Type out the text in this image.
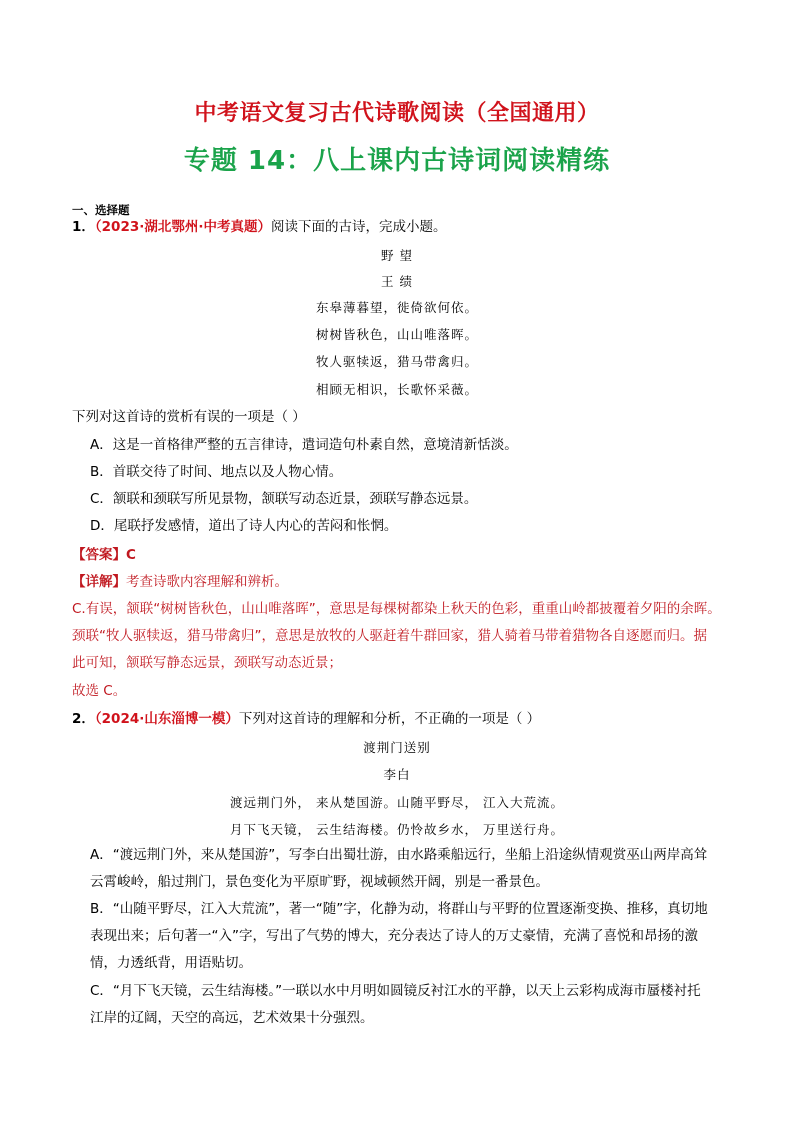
中考语文复习古代诗歌阅读（全国通用）
专题 14：八上课内古诗词阅读精练
一、选择题
1．（2023·湖北鄂州·中考真题）阅读下面的古诗，完成小题。
野 望
王 绩
东皋薄暮望，徙倚欲何依。
树树皆秋色，山山唯落晖。
牧人驱犊返，猎马带禽归。
相顾无相识，长歌怀采薇。
下列对这首诗的赏析有误的一项是（ ）
A．这是一首格律严整的五言律诗，遣词造句朴素自然，意境清新恬淡。
B．首联交待了时间、地点以及人物心情。
C．颔联和颈联写所见景物，颔联写动态近景，颈联写静态远景。
D．尾联抒发感情，道出了诗人内心的苦闷和怅惘。
【答案】C
【详解】考查诗歌内容理解和辨析。
C.有误，颔联“树树皆秋色，山山唯落晖”，意思是每棵树都染上秋天的色彩，重重山岭都披覆着夕阳的余晖。
颈联“牧人驱犊返，猎马带禽归”，意思是放牧的人驱赶着牛群回家，猎人骑着马带着猎物各自逐愿而归。据
此可知，颔联写静态远景，颈联写动态近景；
故选 C。
2．（2024·山东淄博一模）下列对这首诗的理解和分析，不正确的一项是（ ）
渡荆门送别
李白
渡远荆门外， 来从楚国游。山随平野尽， 江入大荒流。
月下飞天镜， 云生结海楼。仍怜故乡水， 万里送行舟。
A．“渡远荆门外，来从楚国游”，写李白出蜀壮游，由水路乘船远行，坐船上沿途纵情观赏巫山两岸高耸
云霄峻岭，船过荆门，景色变化为平原旷野，视域顿然开阔，别是一番景色。
B．“山随平野尽，江入大荒流”，著一“随”字，化静为动，将群山与平野的位置逐渐变换、推移，真切地
表现出来；后句著一“入”字，写出了气势的博大，充分表达了诗人的万丈豪情，充满了喜悦和昂扬的激
情，力透纸背，用语贴切。
C．“月下飞天镜，云生结海楼。”一联以水中月明如圆镜反衬江水的平静，以天上云彩构成海市蜃楼衬托
江岸的辽阔，天空的高远，艺术效果十分强烈。
